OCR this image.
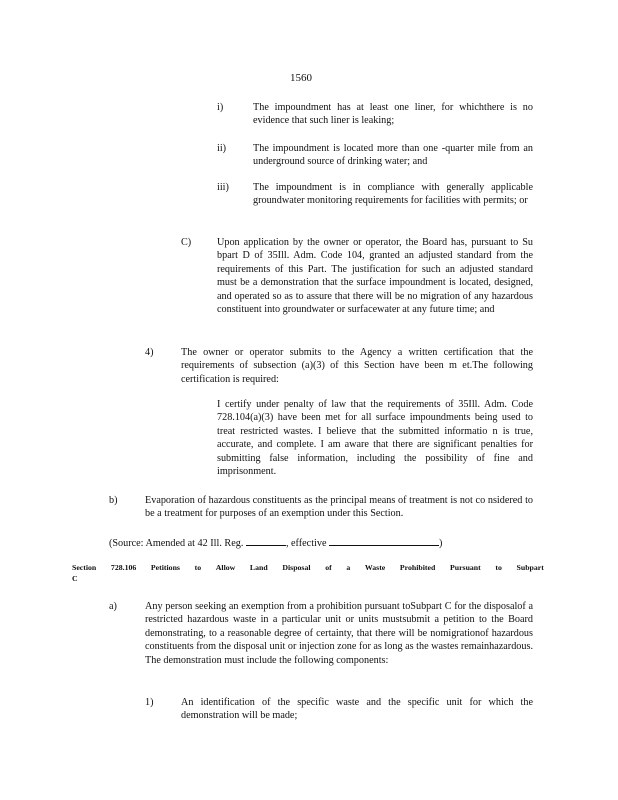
1560
i)	The impoundment has at least one liner, for whichthere is no evidence that such liner is leaking;
ii)	The impoundment is located more than one -quarter mile from an underground source of drinking water; and
iii) The impoundment is in compliance with generally applicable groundwater monitoring requirements for facilities with permits; or
C)	Upon application by the owner or operator, the Board has, pursuant to Su bpart D of 35Ill. Adm. Code 104, granted an adjusted standard from the requirements of this Part. The justification for such an adjusted standard must be a demonstration that the surface impoundment is located, designed, and operated so as to assure that there will be no migration of any hazardous constituent into groundwater or surfacewater at any future time; and
4)	The owner or operator submits to the Agency a written certification that the requirements of subsection (a)(3) of this Section have been m et.The following certification is required:
I certify under penalty of law that the requirements of 35Ill. Adm. Code 728.104(a)(3) have been met for all surface impoundments being used to treat restricted wastes. I believe that the submitted informatio n is true, accurate, and complete. I am aware that there are significant penalties for submitting false information, including the possibility of fine and imprisonment.
b)	Evaporation of hazardous constituents as the principal means of treatment is not co nsidered to be a treatment for purposes of an exemption under this Section.
(Source: Amended at 42 Ill. Reg.	, effective	)
Section 728.106 Petitions to Allow Land Disposal of a Waste Prohibited Pursuant to Subpart
C
a)	Any person seeking an exemption from a prohibition pursuant toSubpart C for the disposalof a restricted hazardous waste in a particular unit or units mustsubmit a petition to the Board demonstrating, to a reasonable degree of certainty, that there will be nomigrationof hazardous constituents from the disposal unit or injection zone for as long as the wastes remainhazardous. The demonstration must include the following components:
1)	An identification of the specific waste and the specific unit for which the demonstration will be made;
